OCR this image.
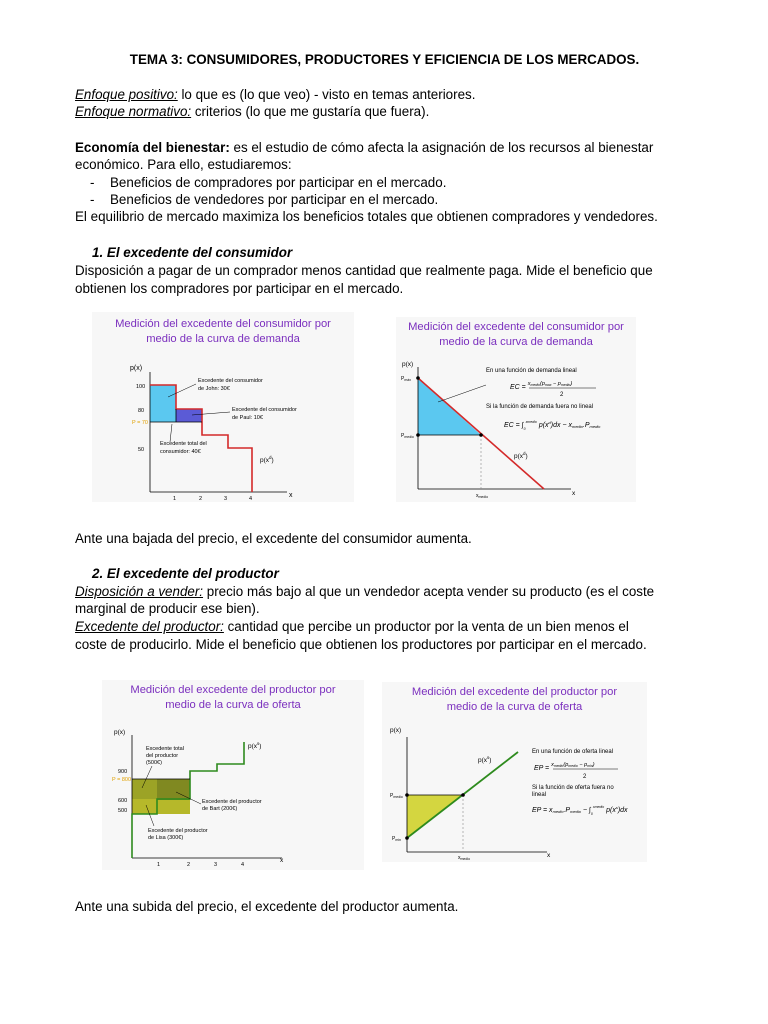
TEMA 3: CONSUMIDORES, PRODUCTORES Y EFICIENCIA DE LOS MERCADOS.
Enfoque positivo: lo que es (lo que veo) - visto en temas anteriores.
Enfoque normativo: criterios (lo que me gustaría que fuera).
Economía del bienestar: es el estudio de cómo afecta la asignación de los recursos al bienestar
económico. Para ello, estudiaremos:
- Beneficios de compradores por participar en el mercado.
- Beneficios de vendedores por participar en el mercado.
El equilibrio de mercado maximiza los beneficios totales que obtienen compradores y vendedores.
1. El excedente del consumidor
Disposición a pagar de un comprador menos cantidad que realmente paga. Mide el beneficio que
obtienen los compradores por participar en el mercado.
Ante una bajada del precio, el excedente del consumidor aumenta.
2. El excedente del productor
Disposición a vender: precio más bajo al que un vendedor acepta vender su producto (es el coste
marginal de producir ese bien).
Excedente del productor: cantidad que percibe un productor por la venta de un bien menos el
coste de producirlo. Mide el beneficio que obtienen los productores por participar en el mercado.
Ante una subida del precio, el excedente del productor aumenta.
Medición del excedente del consumidor por
medio de la curva de demanda
p(x)
x
100
80
P = 70
50
1	2	3	4
Excedente del consumidor
de John: 30€
Excedente del consumidor
de Paul: 10€
Excedente total del
consumidor: 40€
$p(x^d)$
Medición del excedente del consumidor por
medio de la curva de demanda
p(x)
x
$P_{máx}$
$P_{medio}$
$x_{medio}$
En una función de demanda lineal
EC = $^x$medio(pmax − pmedio)
2
Si la función de demanda fuera no lineal
EC = $\int_0^{xmedio}$ $p(x^d)dx$ − xmedio.Pmedio
$p(x^d)$
Medición del excedente del productor por
medio de la curva de oferta
p(x)
x
900
P = 800
600
500
1	2	3	4
Excedente total
del productor
(500€)
Excedente del productor
de Bart (200€)
Excedente del productor
de Lisa (300€)
$p(x^s)$
Medición del excedente del productor por
medio de la curva de oferta
p(x)
x
$P_{medio}$
$P_{min}$
$x_{medio}$
$p(x^s)$
En una función de oferta lineal
EP = $^x$medio(pmedio − pmin)
2
Si la función de oferta fuera no
lineal
EP = xmedio.Pmedio − $\int_0^{xmedio}$ $p(x^s)dx$
